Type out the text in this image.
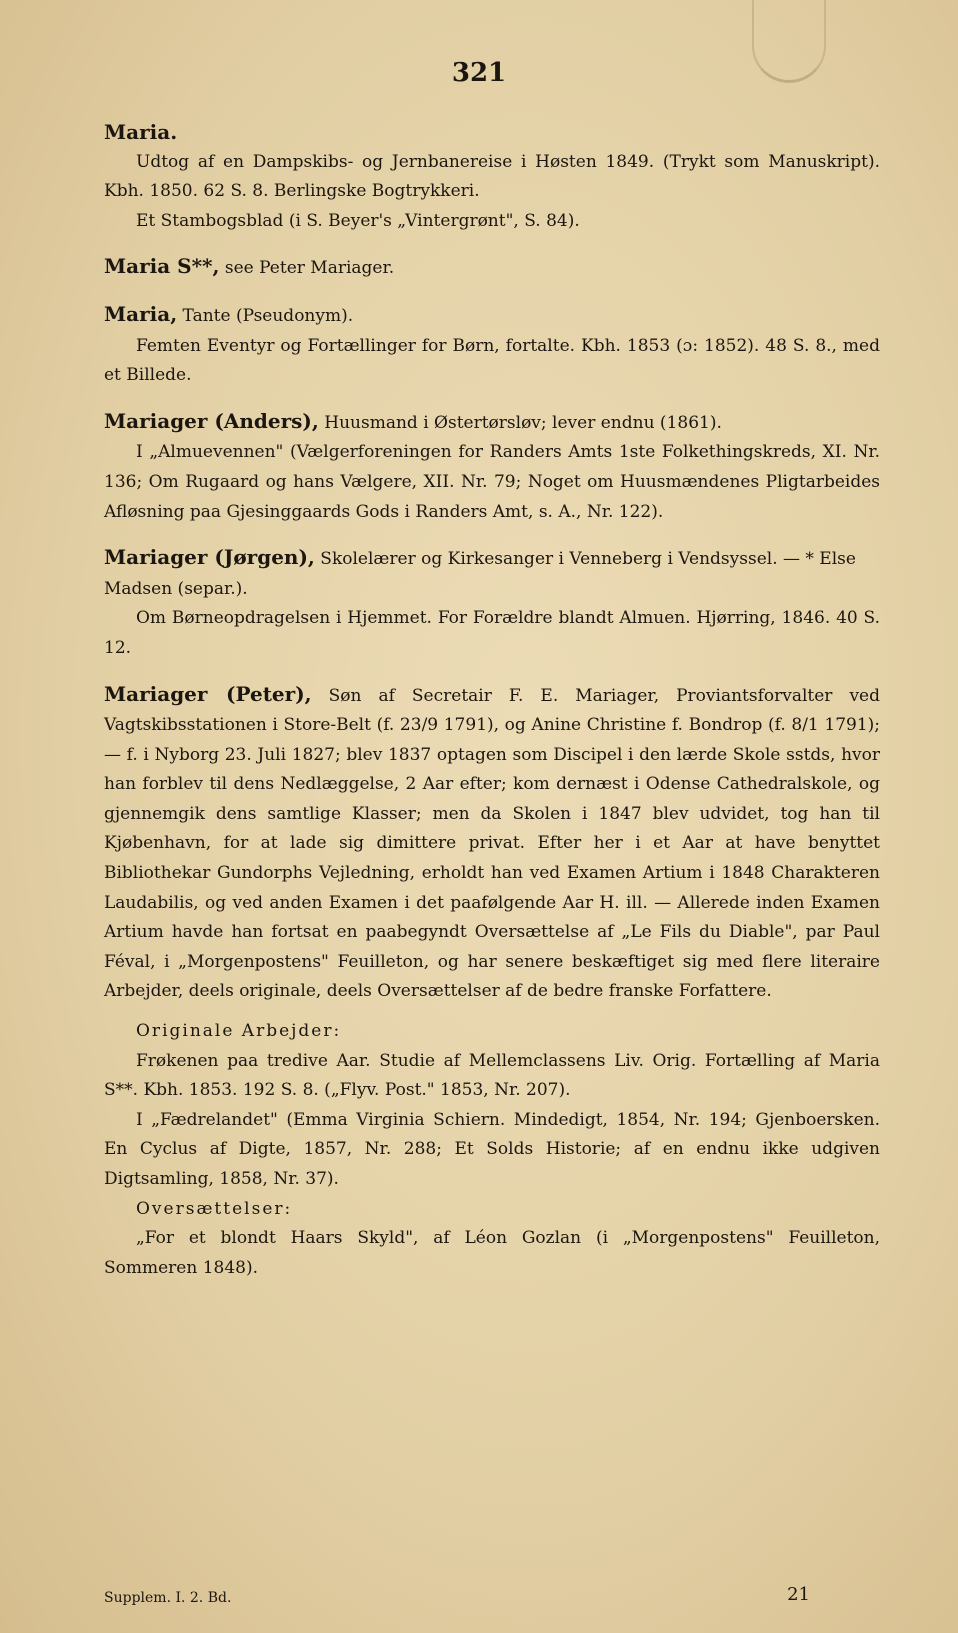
321
Maria.

Udtog af en Dampskibs- og Jernbanereise i Høsten 1849. (Trykt som Manuskript). Kbh. 1850. 62 S. 8. Berlingske Bogtrykkeri.

Et Stambogsblad (i S. Beyer's „Vintergrønt", S. 84).

Maria S**, see Peter Mariager.
Maria, Tante (Pseudonym).

Femten Eventyr og Fortællinger for Børn, fortalte. Kbh. 1853 (ɔ: 1852). 48 S. 8., med et Billede.

Mariager (Anders), Huusmand i Østertørsløv; lever endnu (1861).

I „Almuevennen" (Vælgerforeningen for Randers Amts 1ste Folkethingskreds, XI. Nr. 136; Om Rugaard og hans Vælgere, XII. Nr. 79; Noget om Huusmændenes Pligtarbeides Afløsning paa Gjesinggaards Gods i Randers Amt, s. A., Nr. 122).

Mariager (Jørgen), Skolelærer og Kirkesanger i Venneberg i Vendsyssel. — * Else Madsen (separ.).

Om Børneopdragelsen i Hjemmet. For Forældre blandt Almuen. Hjørring, 1846. 40 S. 12.

Mariager (Peter), Søn af Secretair F. E. Mariager, Proviantsforvalter ved Vagtskibsstationen i Store-Belt (f. 23/9 1791), og Anine Christine f. Bondrop (f. 8/1 1791); — f. i Nyborg 23. Juli 1827; blev 1837 optagen som Discipel i den lærde Skole sstds, hvor han forblev til dens Nedlæggelse, 2 Aar efter; kom dernæst i Odense Cathedralskole, og gjennemgik dens samtlige Klasser; men da Skolen i 1847 blev udvidet, tog han til Kjøbenhavn, for at lade sig dimittere privat. Efter her i et Aar at have benyttet Bibliothekar Gundorphs Vejledning, erholdt han ved Examen Artium i 1848 Charakteren Laudabilis, og ved anden Examen i det paafølgende Aar H. ill. — Allerede inden Examen Artium havde han fortsat en paabegyndt Oversættelse af „Le Fils du Diable", par Paul Féval, i „Morgenpostens" Feuilleton, og har senere beskæftiget sig med flere literaire Arbejder, deels originale, deels Oversættelser af de bedre franske Forfattere.

Originale Arbejder:

Frøkenen paa tredive Aar. Studie af Mellemclassens Liv. Orig. Fortælling af Maria S**. Kbh. 1853. 192 S. 8. („Flyv. Post." 1853, Nr. 207).

I „Fædrelandet" (Emma Virginia Schiern. Mindedigt, 1854, Nr. 194; Gjenboersken. En Cyclus af Digte, 1857, Nr. 288; Et Solds Historie; af en endnu ikke udgiven Digtsamling, 1858, Nr. 37).

Oversættelser:

„For et blondt Haars Skyld", af Léon Gozlan (i „Morgenpostens" Feuilleton, Sommeren 1848).

Supplem. I. 2. Bd.	21
